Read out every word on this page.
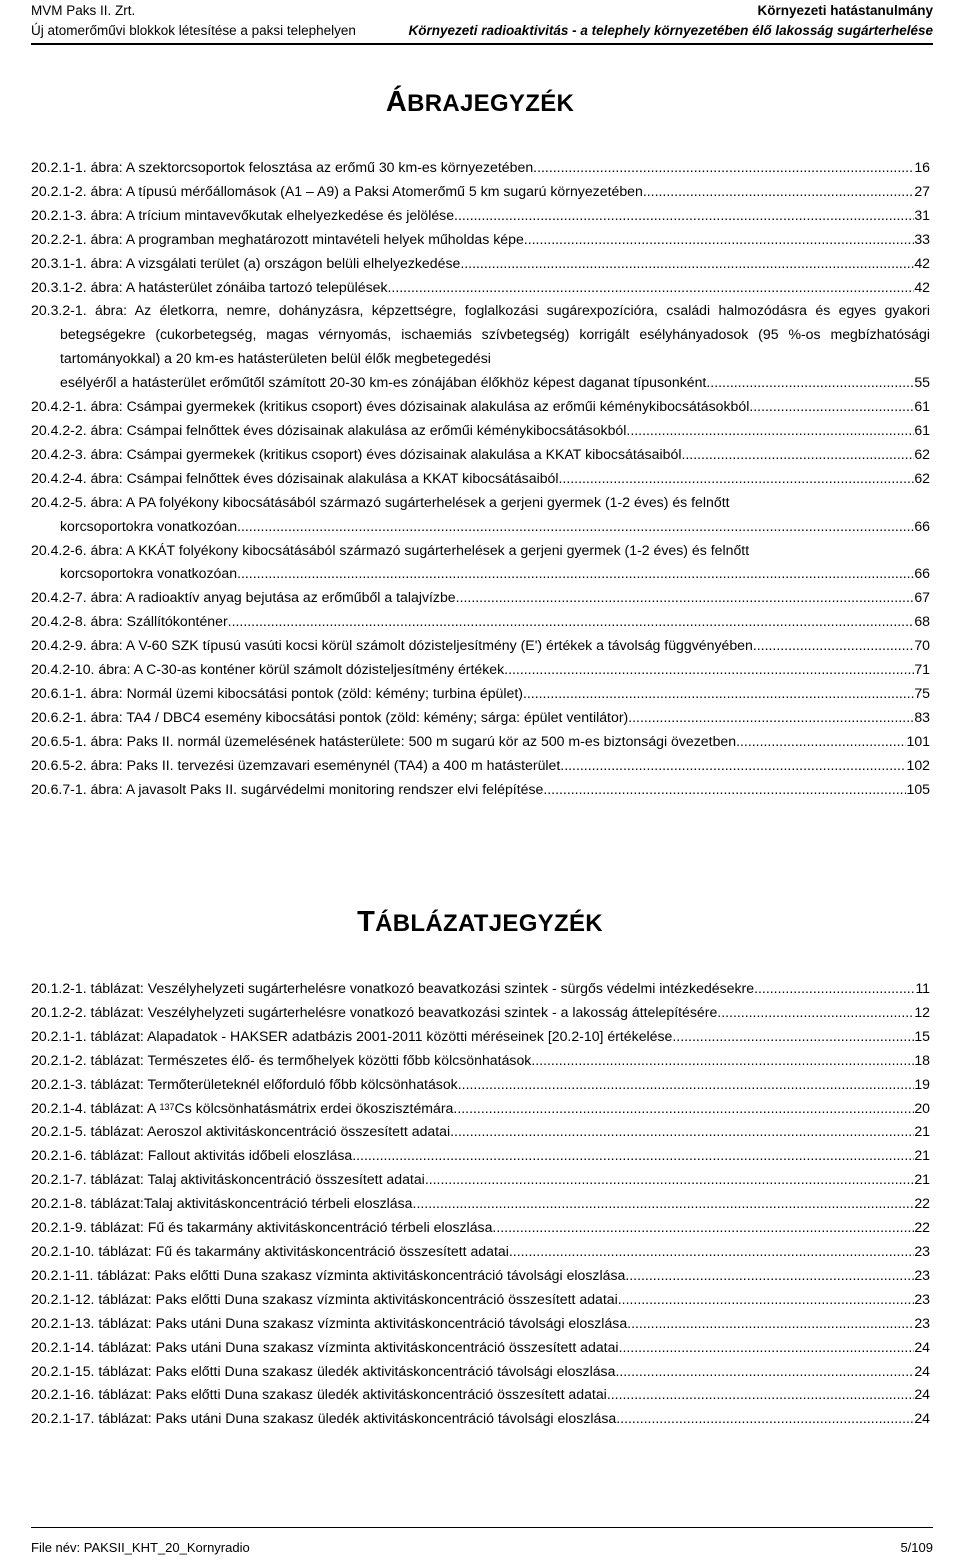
MVM Paks II. Zrt.	Környezeti hatástanulmány
Új atomerőművi blokkok létesítése a paksi telephelyen	Környezeti radioaktivitás - a telephely környezetében élő lakosság sugárterhelése
ÁBRAJEGYZÉK
20.2.1-1. ábra: A szektorcsoportok felosztása az erőmű 30 km-es környezetében .....	16
20.2.1-2. ábra: A típusú mérőállomások (A1 – A9) a Paksi Atomerőmű 5 km sugarú környezetében .....	27
20.2.1-3. ábra: A trícium mintavevőkutak elhelyezkedése és jelölése .....	31
20.2.2-1. ábra: A programban meghatározott mintavételi helyek műholdas képe .....	33
20.3.1-1. ábra: A vizsgálati terület (a) országon belüli elhelyezkedése .....	42
20.3.1-2. ábra: A hatásterület zónáiba tartozó települések .....	42
20.3.2-1. ábra: Az életkorra, nemre, dohányzásra, képzettségre, foglalkozási sugárexpozícióra, családi halmozódásra és egyes gyakori betegségekre (cukorbetegség, magas vérnyomás, ischaemiás szívbetegség) korrigált esélyhányadosok (95 %-os megbízhatósági tartományokkal) a 20 km-es hatásterületen belül élők megbetegedési
esélyéről a hatásterület erőműtől számított 20-30 km-es zónájában élőkhöz képest daganat típusonként .....	55
20.4.2-1. ábra: Csámpai gyermekek (kritikus csoport) éves dózisainak alakulása az erőműi kéménykibocsátásokból .....	61
20.4.2-2. ábra: Csámpai felnőttek éves dózisainak alakulása az erőműi kéménykibocsátásokból .....	61
20.4.2-3. ábra: Csámpai gyermekek (kritikus csoport) éves dózisainak alakulása a KKAT kibocsátásaiból .....	62
20.4.2-4. ábra: Csámpai felnőttek éves dózisainak alakulása a KKAT kibocsátásaiból .....	62
20.4.2-5. ábra: A PA folyékony kibocsátásából származó sugárterhelések a gerjeni gyermek (1-2 éves) és felnőtt
korcsoportokra vonatkozóan .....	66
20.4.2-6. ábra: A KKÁT folyékony kibocsátásából származó sugárterhelések a gerjeni gyermek (1-2 éves) és felnőtt
korcsoportokra vonatkozóan .....	66
20.4.2-7. ábra: A radioaktív anyag bejutása az erőműből a talajvízbe .....	67
20.4.2-8. ábra: Szállítókonténer .....	68
20.4.2-9. ábra: A V-60 SZK típusú vasúti kocsi körül számolt dózisteljesítmény (E') értékek a távolság függvényében .....	70
20.4.2-10. ábra: A C-30-as konténer körül számolt dózisteljesítmény értékek .....	71
20.6.1-1. ábra: Normál üzemi kibocsátási pontok (zöld: kémény; turbina épület) .....	75
20.6.2-1. ábra: TA4 / DBC4 esemény kibocsátási pontok (zöld: kémény; sárga: épület ventilátor) .....	83
20.6.5-1. ábra: Paks II. normál üzemelésének hatásterülete: 500 m sugarú kör az 500 m-es biztonsági övezetben .....	101
20.6.5-2. ábra: Paks II. tervezési üzemzavari eseménynél (TA4) a 400 m hatásterület .....	102
20.6.7-1. ábra: A javasolt Paks II. sugárvédelmi monitoring rendszer elvi felépítése .....	105
TÁBLÁZATJEGYZÉK
20.1.2-1. táblázat: Veszélyhelyzeti sugárterhelésre vonatkozó beavatkozási szintek - sürgős védelmi intézkedésekre .....	11
20.1.2-2. táblázat: Veszélyhelyzeti sugárterhelésre vonatkozó beavatkozási szintek - a lakosság áttelepítésére .....	12
20.2.1-1. táblázat: Alapadatok - HAKSER adatbázis 2001-2011 közötti méréseinek [20.2-10] értékelése .....	15
20.2.1-2. táblázat: Természetes élő- és termőhelyek közötti főbb kölcsönhatások .....	18
20.2.1-3. táblázat: Termőterületeknél előforduló főbb kölcsönhatások .....	19
20.2.1-4. táblázat: A $^{137}$Cs kölcsönhatásmátrix erdei ökoszisztémára .....	20
20.2.1-5. táblázat: Aeroszol aktivitáskoncentráció összesített adatai .....	21
20.2.1-6. táblázat: Fallout aktivitás időbeli eloszlása .....	21
20.2.1-7. táblázat: Talaj aktivitáskoncentráció összesített adatai .....	21
20.2.1-8. táblázat:Talaj aktivitáskoncentráció térbeli eloszlása .....	22
20.2.1-9. táblázat: Fű és takarmány aktivitáskoncentráció térbeli eloszlása .....	22
20.2.1-10. táblázat: Fű és takarmány aktivitáskoncentráció összesített adatai .....	23
20.2.1-11. táblázat: Paks előtti Duna szakasz vízminta aktivitáskoncentráció távolsági eloszlása .....	23
20.2.1-12. táblázat: Paks előtti Duna szakasz vízminta aktivitáskoncentráció összesített adatai .....	23
20.2.1-13. táblázat: Paks utáni Duna szakasz vízminta aktivitáskoncentráció távolsági eloszlása .....	23
20.2.1-14. táblázat: Paks utáni Duna szakasz vízminta aktivitáskoncentráció összesített adatai .....	24
20.2.1-15. táblázat: Paks előtti Duna szakasz üledék aktivitáskoncentráció távolsági eloszlása .....	24
20.2.1-16. táblázat: Paks előtti Duna szakasz üledék aktivitáskoncentráció összesített adatai .....	24
20.2.1-17. táblázat: Paks utáni Duna szakasz üledék aktivitáskoncentráció távolsági eloszlása .....	24
File név: PAKSII_KHT_20_Kornyradio	5/109
